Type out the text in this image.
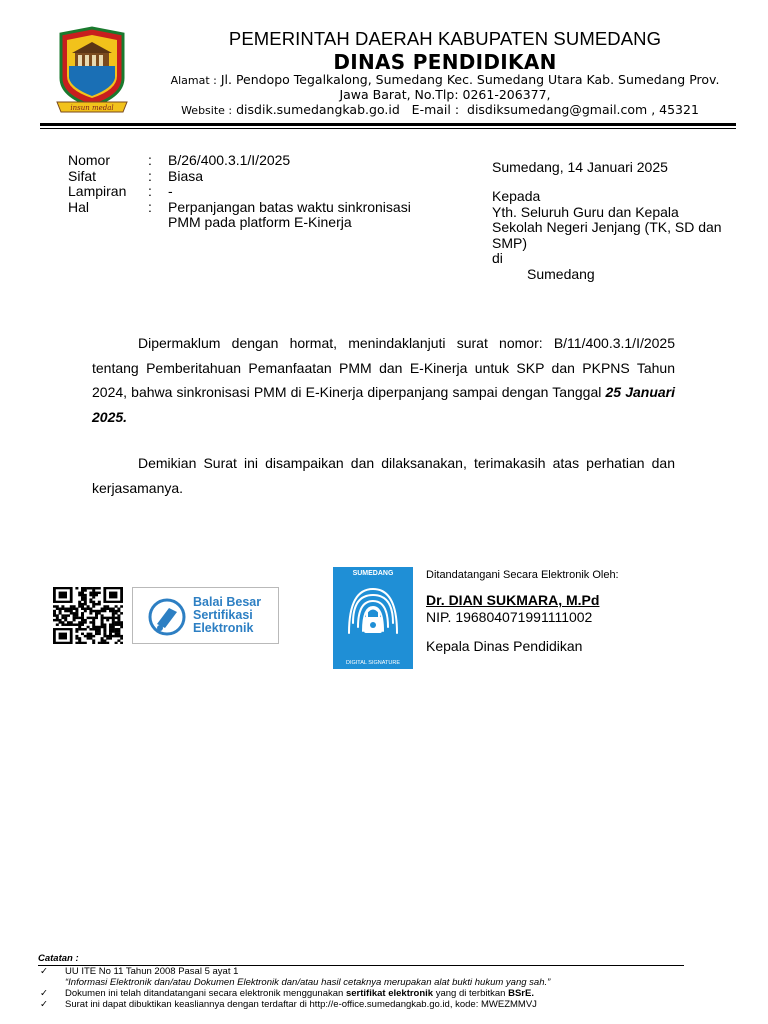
insun medal
PEMERINTAH DAERAH KABUPATEN SUMEDANG
DINAS PENDIDIKAN
Alamat : Jl. Pendopo Tegalkalong, Sumedang Kec. Sumedang Utara Kab. Sumedang Prov.
Jawa Barat, No.Tlp: 0261-206377,
Website : disdik.sumedangkab.go.id E-mail : disdiksumedang@gmail.com , 45321
Nomor	:	B/26/400.3.1/I/2025
Sifat	:	Biasa
Lampiran	:	-
Hal	:	Perpanjangan batas waktu sinkronisasi PMM pada platform E-Kinerja
Sumedang, 14 Januari 2025
Kepada
Yth. Seluruh Guru dan Kepala Sekolah Negeri Jenjang (TK, SD dan SMP)
di
Sumedang

Dipermaklum dengan hormat, menindaklanjuti surat nomor: B/11/400.3.1/I/2025 tentang Pemberitahuan Pemanfaatan PMM dan E-Kinerja untuk SKP dan PKPNS Tahun 2024, bahwa sinkronisasi PMM di E-Kinerja diperpanjang sampai dengan Tanggal 25 Januari 2025.

Demikian Surat ini disampaikan dan dilaksanakan, terimakasih atas perhatian dan kerjasamanya.

Balai Besar
Sertifikasi
Elektronik
SUMEDANG
DIGITAL SIGNATURE
Ditandatangani Secara Elektronik Oleh:
Dr. DIAN SUKMARA, M.Pd
NIP. 196804071991111002
Kepala Dinas Pendidikan
Catatan :
✓	UU ITE No 11 Tahun 2008 Pasal 5 ayat 1
“Informasi Elektronik dan/atau Dokumen Elektronik dan/atau hasil cetaknya merupakan alat bukti hukum yang sah.”
✓	Dokumen ini telah ditandatangani secara elektronik menggunakan sertifikat elektronik yang di terbitkan BSrE.
✓	Surat ini dapat dibuktikan keasliannya dengan terdaftar di http://e-office.sumedangkab.go.id, kode: MWEZMMVJ
